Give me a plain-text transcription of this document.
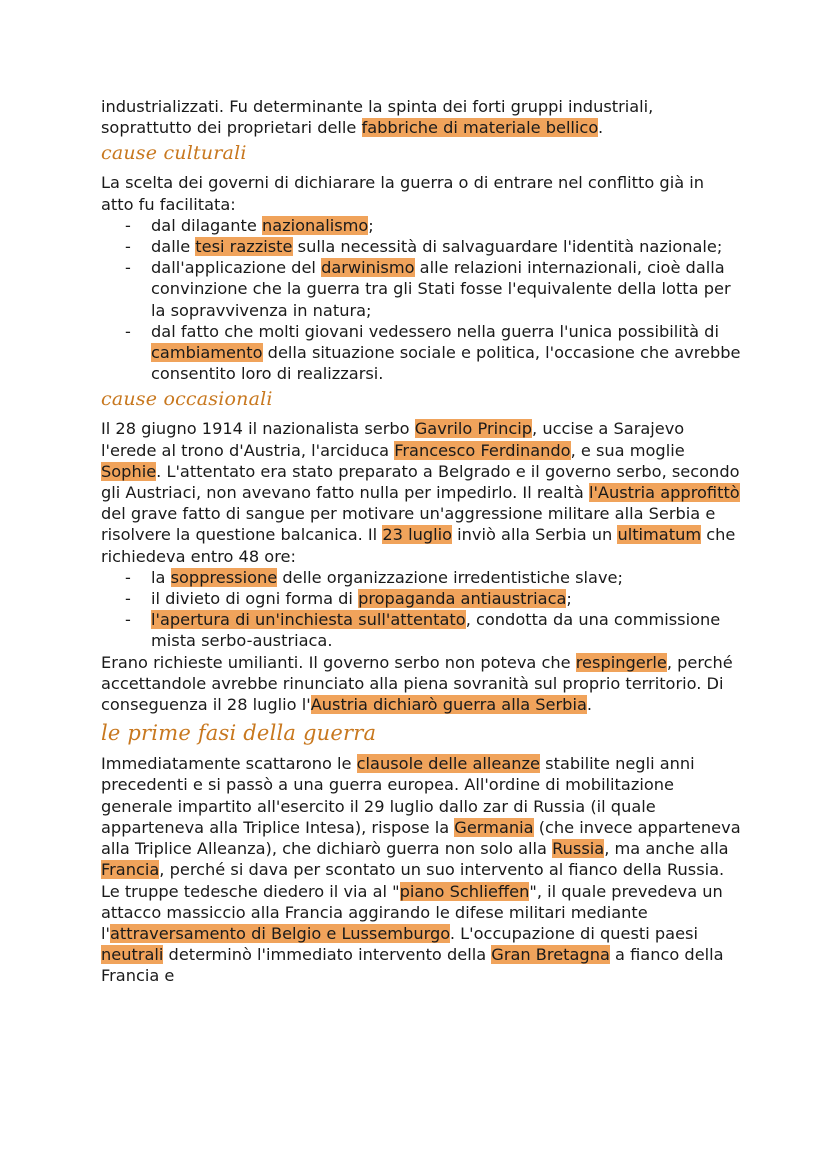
industrializzati. Fu determinante la spinta dei forti gruppi industriali, soprattutto dei proprietari delle fabbriche di materiale bellico.

cause culturali

La scelta dei governi di dichiarare la guerra o di entrare nel conflitto già in atto fu facilitata:

- dal dilagante nazionalismo;
- dalle tesi razziste sulla necessità di salvaguardare l'identità nazionale;
- dall'applicazione del darwinismo alle relazioni internazionali, cioè dalla convinzione che la guerra tra gli Stati fosse l'equivalente della lotta per la sopravvivenza in natura;
- dal fatto che molti giovani vedessero nella guerra l'unica possibilità di cambiamento della situazione sociale e politica, l'occasione che avrebbe consentito loro di realizzarsi.
cause occasionali

Il 28 giugno 1914 il nazionalista serbo Gavrilo Princip, uccise a Sarajevo l'erede al trono d'Austria, l'arciduca Francesco Ferdinando, e sua moglie Sophie. L'attentato era stato preparato a Belgrado e il governo serbo, secondo gli Austriaci, non avevano fatto nulla per impedirlo. Il realtà l'Austria approfittò del grave fatto di sangue per motivare un'aggressione militare alla Serbia e risolvere la questione balcanica. Il 23 luglio inviò alla Serbia un ultimatum che richiedeva entro 48 ore:

- la soppressione delle organizzazione irredentistiche slave;
- il divieto di ogni forma di propaganda antiaustriaca;
- l'apertura di un'inchiesta sull'attentato, condotta da una commissione mista serbo-austriaca.

Erano richieste umilianti. Il governo serbo non poteva che respingerle, perché accettandole avrebbe rinunciato alla piena sovranità sul proprio territorio. Di conseguenza il 28 luglio l'Austria dichiarò guerra alla Serbia.

le prime fasi della guerra

Immediatamente scattarono le clausole delle alleanze stabilite negli anni precedenti e si passò a una guerra europea. All'ordine di mobilitazione generale impartito all'esercito il 29 luglio dallo zar di Russia (il quale apparteneva alla Triplice Intesa), rispose la Germania (che invece apparteneva alla Triplice Alleanza), che dichiarò guerra non solo alla Russia, ma anche alla Francia, perché si dava per scontato un suo intervento al fianco della Russia. Le truppe tedesche diedero il via al "piano Schlieffen", il quale prevedeva un attacco massiccio alla Francia aggirando le difese militari mediante l'attraversamento di Belgio e Lussemburgo. L'occupazione di questi paesi neutrali determinò l'immediato intervento della Gran Bretagna a fianco della Francia e
